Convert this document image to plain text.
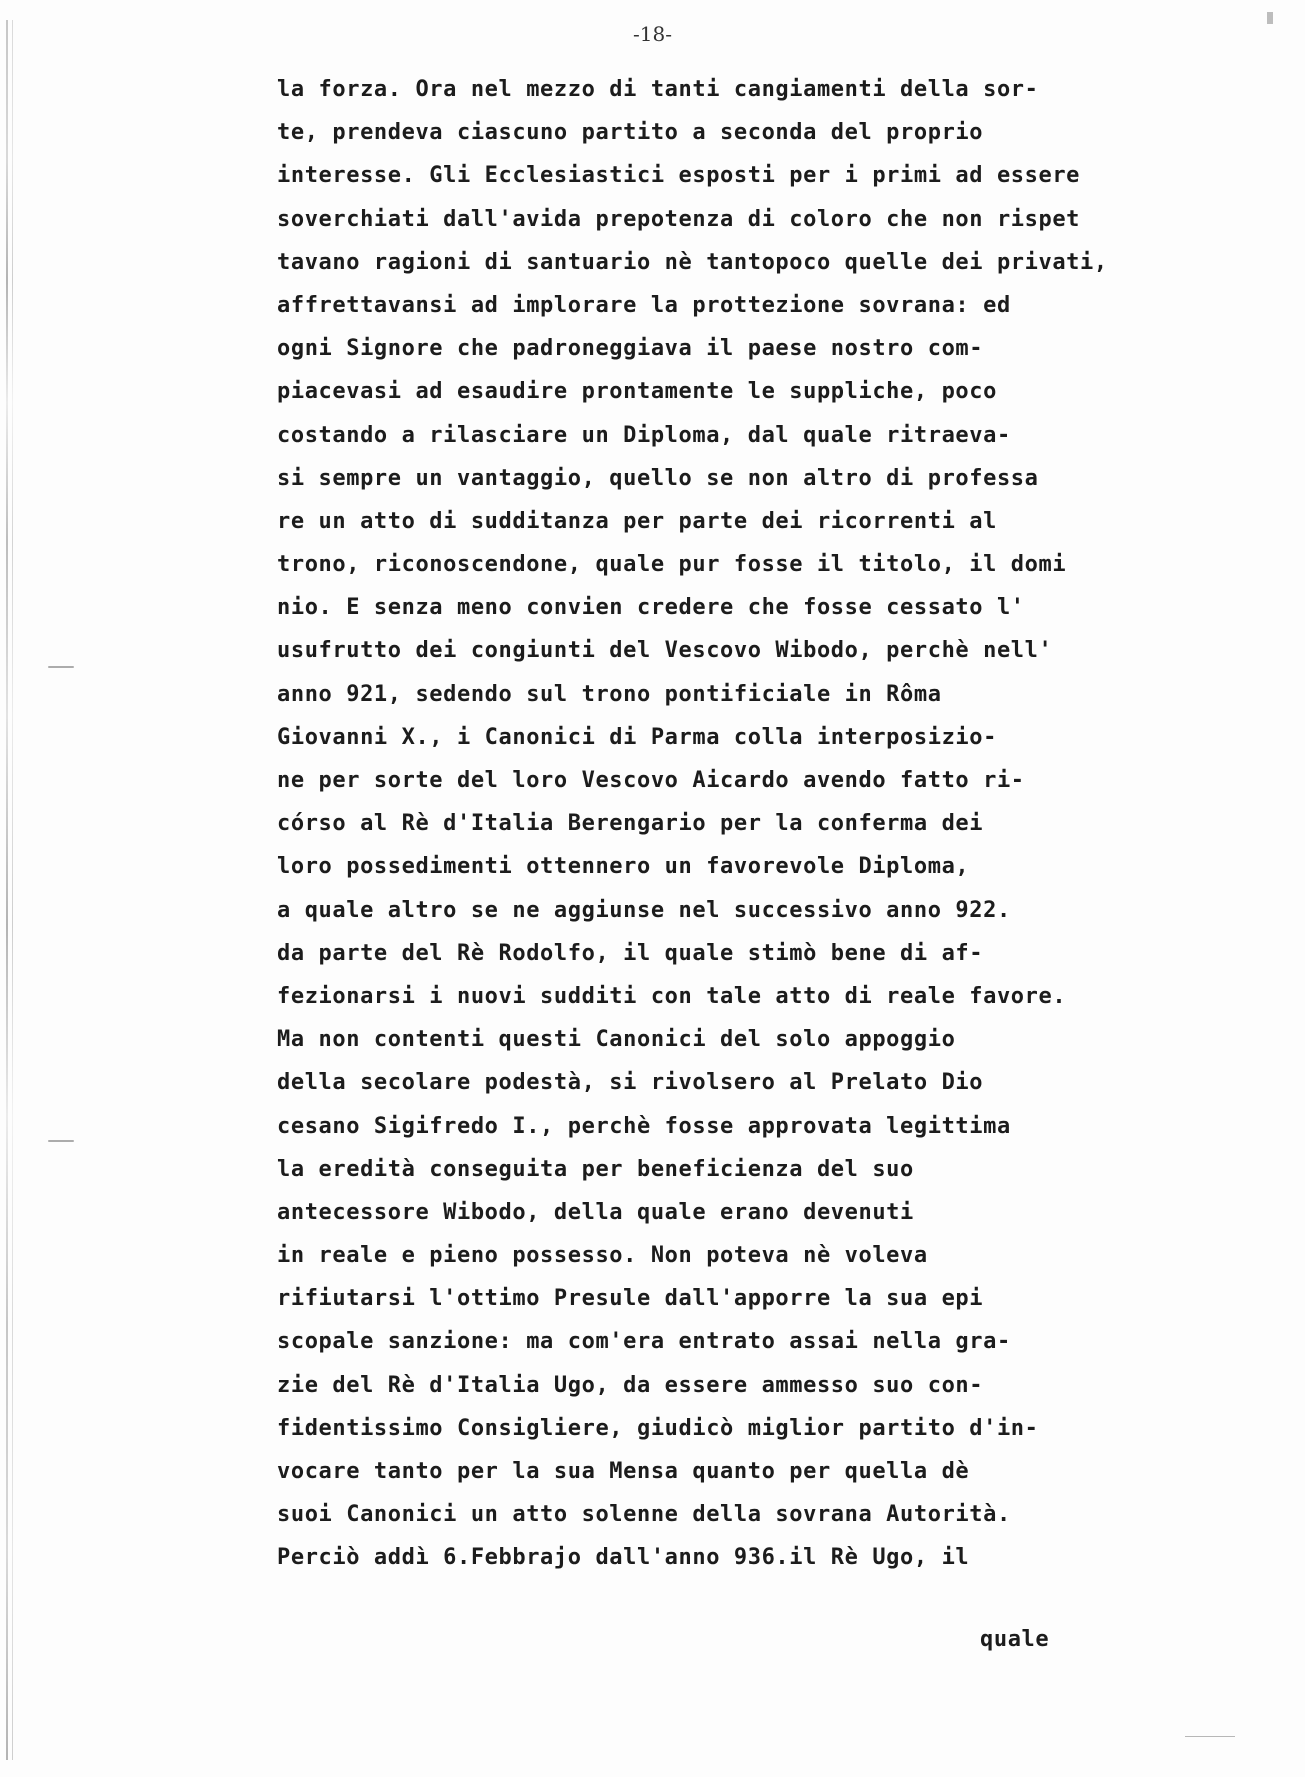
-18-
la forza. Ora nel mezzo di tanti cangiamenti della sor-
te, prendeva ciascuno partito a seconda del proprio
interesse. Gli Ecclesiastici esposti per i primi ad essere
soverchiati dall'avida prepotenza di coloro che non rispet
tavano ragioni di santuario nè tantopoco quelle dei privati,
affrettavansi ad implorare la prottezione sovrana: ed
ogni Signore che padroneggiava il paese nostro com-
piacevasi ad esaudire prontamente le suppliche, poco
costando a rilasciare un Diploma, dal quale ritraeva-
si sempre un vantaggio, quello se non altro di professa
re un atto di sudditanza per parte dei ricorrenti al
trono, riconoscendone, quale pur fosse il titolo, il domi
nio. E senza meno convien credere che fosse cessato l'
usufrutto dei congiunti del Vescovo Wibodo, perchè nell'
anno 921, sedendo sul trono pontificiale in Rôma
Giovanni X., i Canonici di Parma colla interposizio-
ne per sorte del loro Vescovo Aicardo avendo fatto ri-
córso al Rè d'Italia Berengario per la conferma dei
loro possedimenti ottennero un favorevole Diploma,
a quale altro se ne aggiunse nel successivo anno 922.
da parte del Rè Rodolfo, il quale stimò bene di af-
fezionarsi i nuovi sudditi con tale atto di reale favore.
Ma non contenti questi Canonici del solo appoggio
della secolare podestà, si rivolsero al Prelato Dio
cesano Sigifredo I., perchè fosse approvata legittima
la eredità conseguita per beneficienza del suo
antecessore Wibodo, della quale erano devenuti
in reale e pieno possesso. Non poteva nè voleva
rifiutarsi l'ottimo Presule dall'apporre la sua epi
scopale sanzione: ma com'era entrato assai nella gra-
zie del Rè d'Italia Ugo, da essere ammesso suo con-
fidentissimo Consigliere, giudicò miglior partito d'in-
vocare tanto per la sua Mensa quanto per quella dè
suoi Canonici un atto solenne della sovrana Autorità.
Perciò addì 6.Febbrajo dall'anno 936.il Rè Ugo, il
quale
